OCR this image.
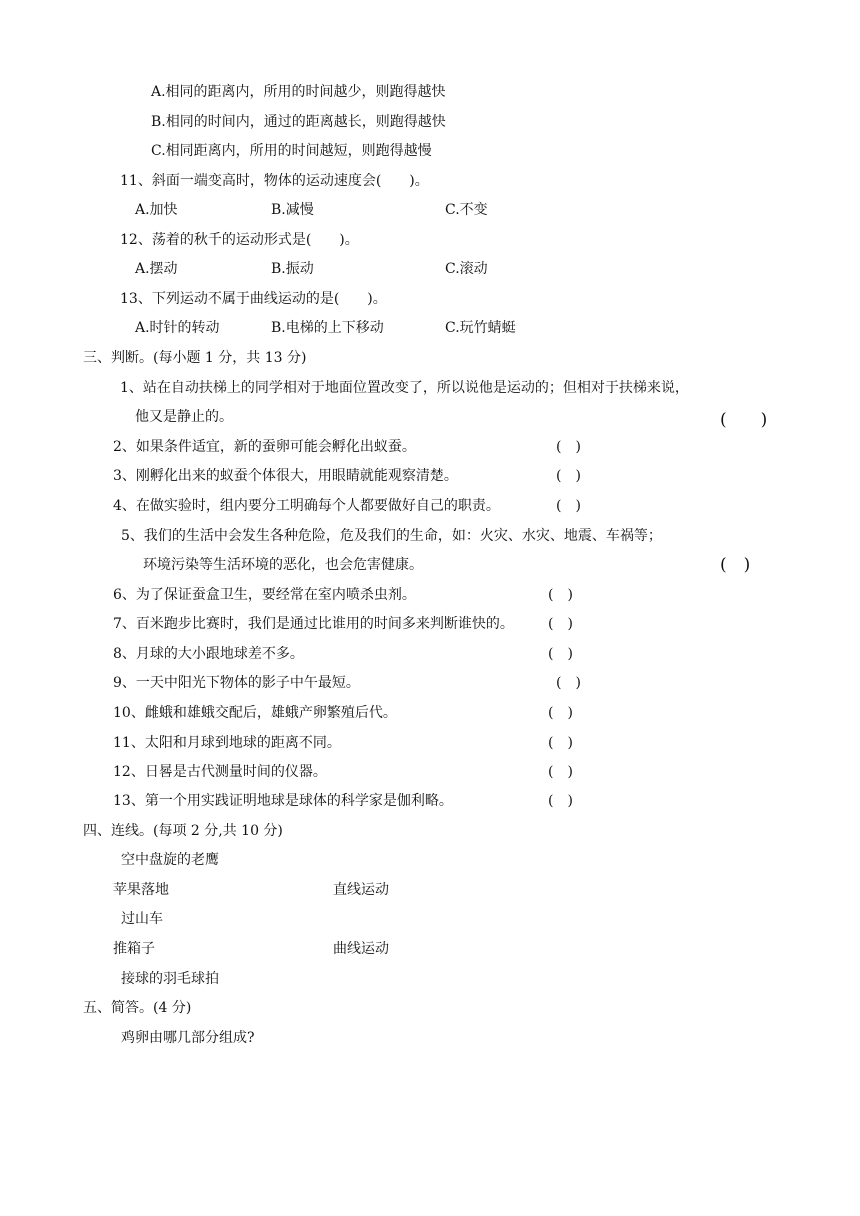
A.相同的距离内，所用的时间越少，则跑得越快
B.相同的时间内，通过的距离越长，则跑得越快
C.相同距离内，所用的时间越短，则跑得越慢
11、斜面一端变高时，物体的运动速度会(　　)。
A.加快	B.减慢	C.不变
12、荡着的秋千的运动形式是(　　)。
A.摆动	B.振动	C.滚动
13、下列运动不属于曲线运动的是(　　)。
A.时针的转动	B.电梯的上下移动	C.玩竹蜻蜓
三、判断。(每小题 1 分，共 13 分)
1、站在自动扶梯上的同学相对于地面位置改变了，所以说他是运动的；但相对于扶梯来说，
他又是静止的。	(　　)
2、如果条件适宜，新的蚕卵可能会孵化出蚁蚕。	(　)
3、刚孵化出来的蚁蚕个体很大，用眼睛就能观察清楚。	(　)
4、在做实验时，组内要分工明确每个人都要做好自己的职责。	(　)
5、我们的生活中会发生各种危险，危及我们的生命，如：火灾、水灾、地震、车祸等；
环境污染等生活环境的恶化，也会危害健康。	(　)
6、为了保证蚕盒卫生，要经常在室内喷杀虫剂。	(　)
7、百米跑步比赛时，我们是通过比谁用的时间多来判断谁快的。 (　)
8、月球的大小跟地球差不多。	(　)
9、一天中阳光下物体的影子中午最短。	(　)
10、雌蛾和雄蛾交配后，雄蛾产卵繁殖后代。	(　)
11、太阳和月球到地球的距离不同。	(　)
12、日晷是古代测量时间的仪器。	(　)
13、第一个用实践证明地球是球体的科学家是伽利略。	(　)
四、连线。(每项 2 分,共 10 分)
空中盘旋的老鹰
苹果落地	直线运动
过山车
推箱子	曲线运动
接球的羽毛球拍
五、简答。(4 分)
鸡卵由哪几部分组成?
